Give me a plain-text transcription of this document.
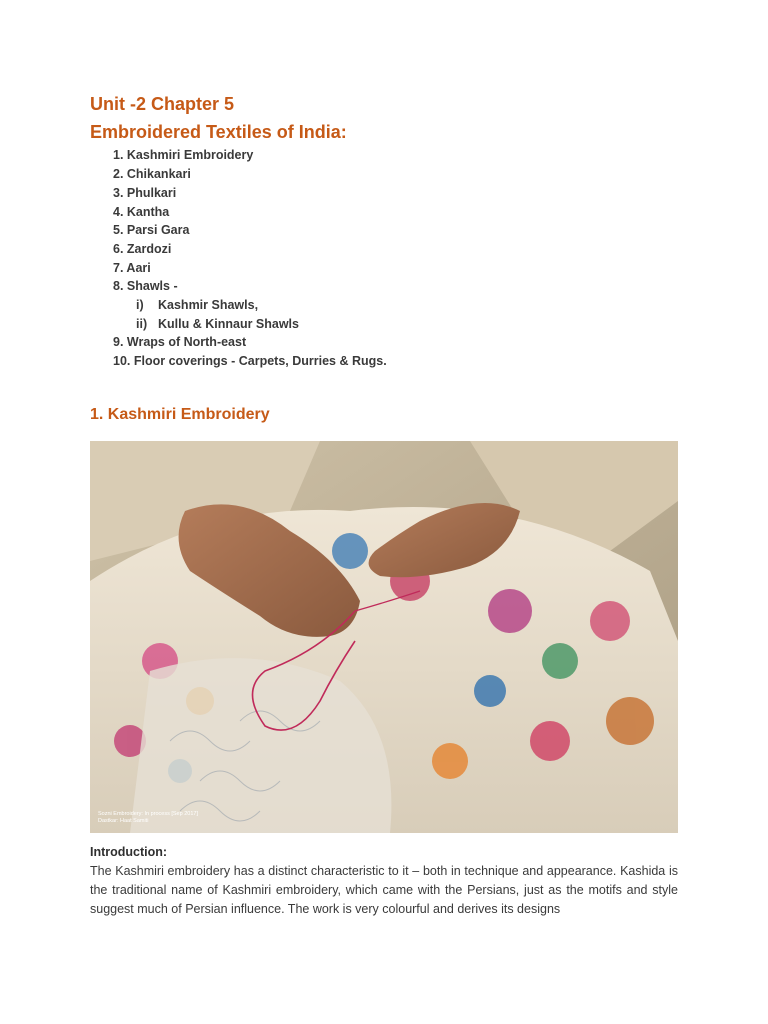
Unit -2 Chapter 5
Embroidered Textiles of India:
1. Kashmiri Embroidery
2. Chikankari
3. Phulkari
4. Kantha
5. Parsi Gara
6. Zardozi
7. Aari
8. Shawls -
i) Kashmir Shawls,
ii) Kullu & Kinnaur Shawls
9. Wraps of North-east
10. Floor coverings - Carpets, Durries & Rugs.
1. Kashmiri Embroidery
Sozni Embroidery: In process [Sep 2017]
Dastkar: Haat Samiti
Introduction:

The Kashmiri embroidery has a distinct characteristic to it – both in technique and appearance. Kashida is the traditional name of Kashmiri embroidery, which came with the Persians, just as the motifs and style suggest much of Persian influence. The work is very colourful and derives its designs
